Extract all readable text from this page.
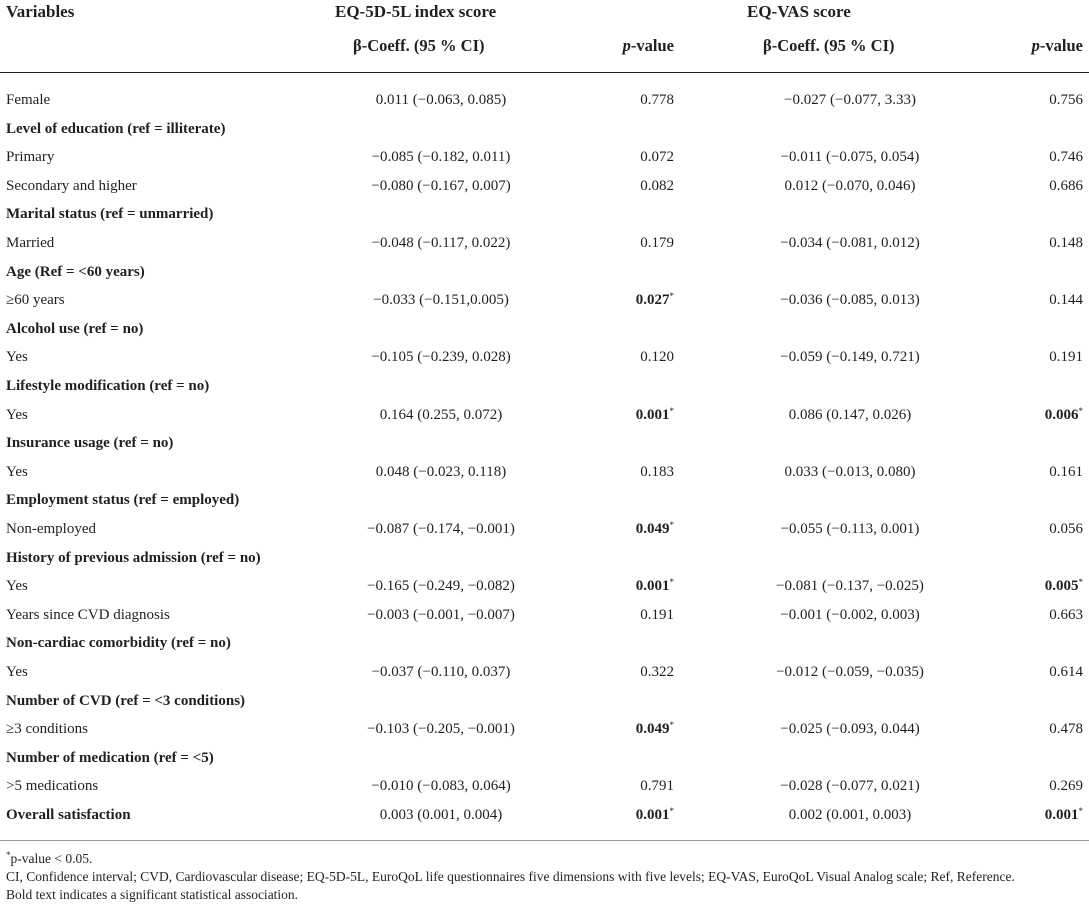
Variables	EQ-5D-5L index score	EQ-VAS score
β-Coeff. (95 % CI)	p-value	β-Coeff. (95 % CI)	p-value
Female	0.011 (−0.063, 0.085)	0.778	−0.027 (−0.077, 3.33)	0.756
Level of education (ref = illiterate)
Primary	−0.085 (−0.182, 0.011)	0.072	−0.011 (−0.075, 0.054)	0.746
Secondary and higher	−0.080 (−0.167, 0.007)	0.082	0.012 (−0.070, 0.046)	0.686
Marital status (ref = unmarried)
Married	−0.048 (−0.117, 0.022)	0.179	−0.034 (−0.081, 0.012)	0.148
Age (Ref = <60 years)
≥60 years	−0.033 (−0.151,0.005)	0.027*	−0.036 (−0.085, 0.013)	0.144
Alcohol use (ref = no)
Yes	−0.105 (−0.239, 0.028)	0.120	−0.059 (−0.149, 0.721)	0.191
Lifestyle modification (ref = no)
Yes	0.164 (0.255, 0.072)	0.001*	0.086 (0.147, 0.026)	0.006*
Insurance usage (ref = no)
Yes	0.048 (−0.023, 0.118)	0.183	0.033 (−0.013, 0.080)	0.161
Employment status (ref = employed)
Non-employed	−0.087 (−0.174, −0.001)	0.049*	−0.055 (−0.113, 0.001)	0.056
History of previous admission (ref = no)
Yes	−0.165 (−0.249, −0.082)	0.001*	−0.081 (−0.137, −0.025)	0.005*
Years since CVD diagnosis	−0.003 (−0.001, −0.007)	0.191	−0.001 (−0.002, 0.003)	0.663
Non-cardiac comorbidity (ref = no)
Yes	−0.037 (−0.110, 0.037)	0.322	−0.012 (−0.059, −0.035)	0.614
Number of CVD (ref = <3 conditions)
≥3 conditions	−0.103 (−0.205, −0.001)	0.049*	−0.025 (−0.093, 0.044)	0.478
Number of medication (ref = <5)
>5 medications	−0.010 (−0.083, 0.064)	0.791	−0.028 (−0.077, 0.021)	0.269
Overall satisfaction	0.003 (0.001, 0.004)	0.001*	0.002 (0.001, 0.003)	0.001*
*p-value < 0.05.
CI, Confidence interval; CVD, Cardiovascular disease; EQ-5D-5L, EuroQoL life questionnaires five dimensions with five levels; EQ-VAS, EuroQoL Visual Analog scale; Ref, Reference.
Bold text indicates a significant statistical association.
